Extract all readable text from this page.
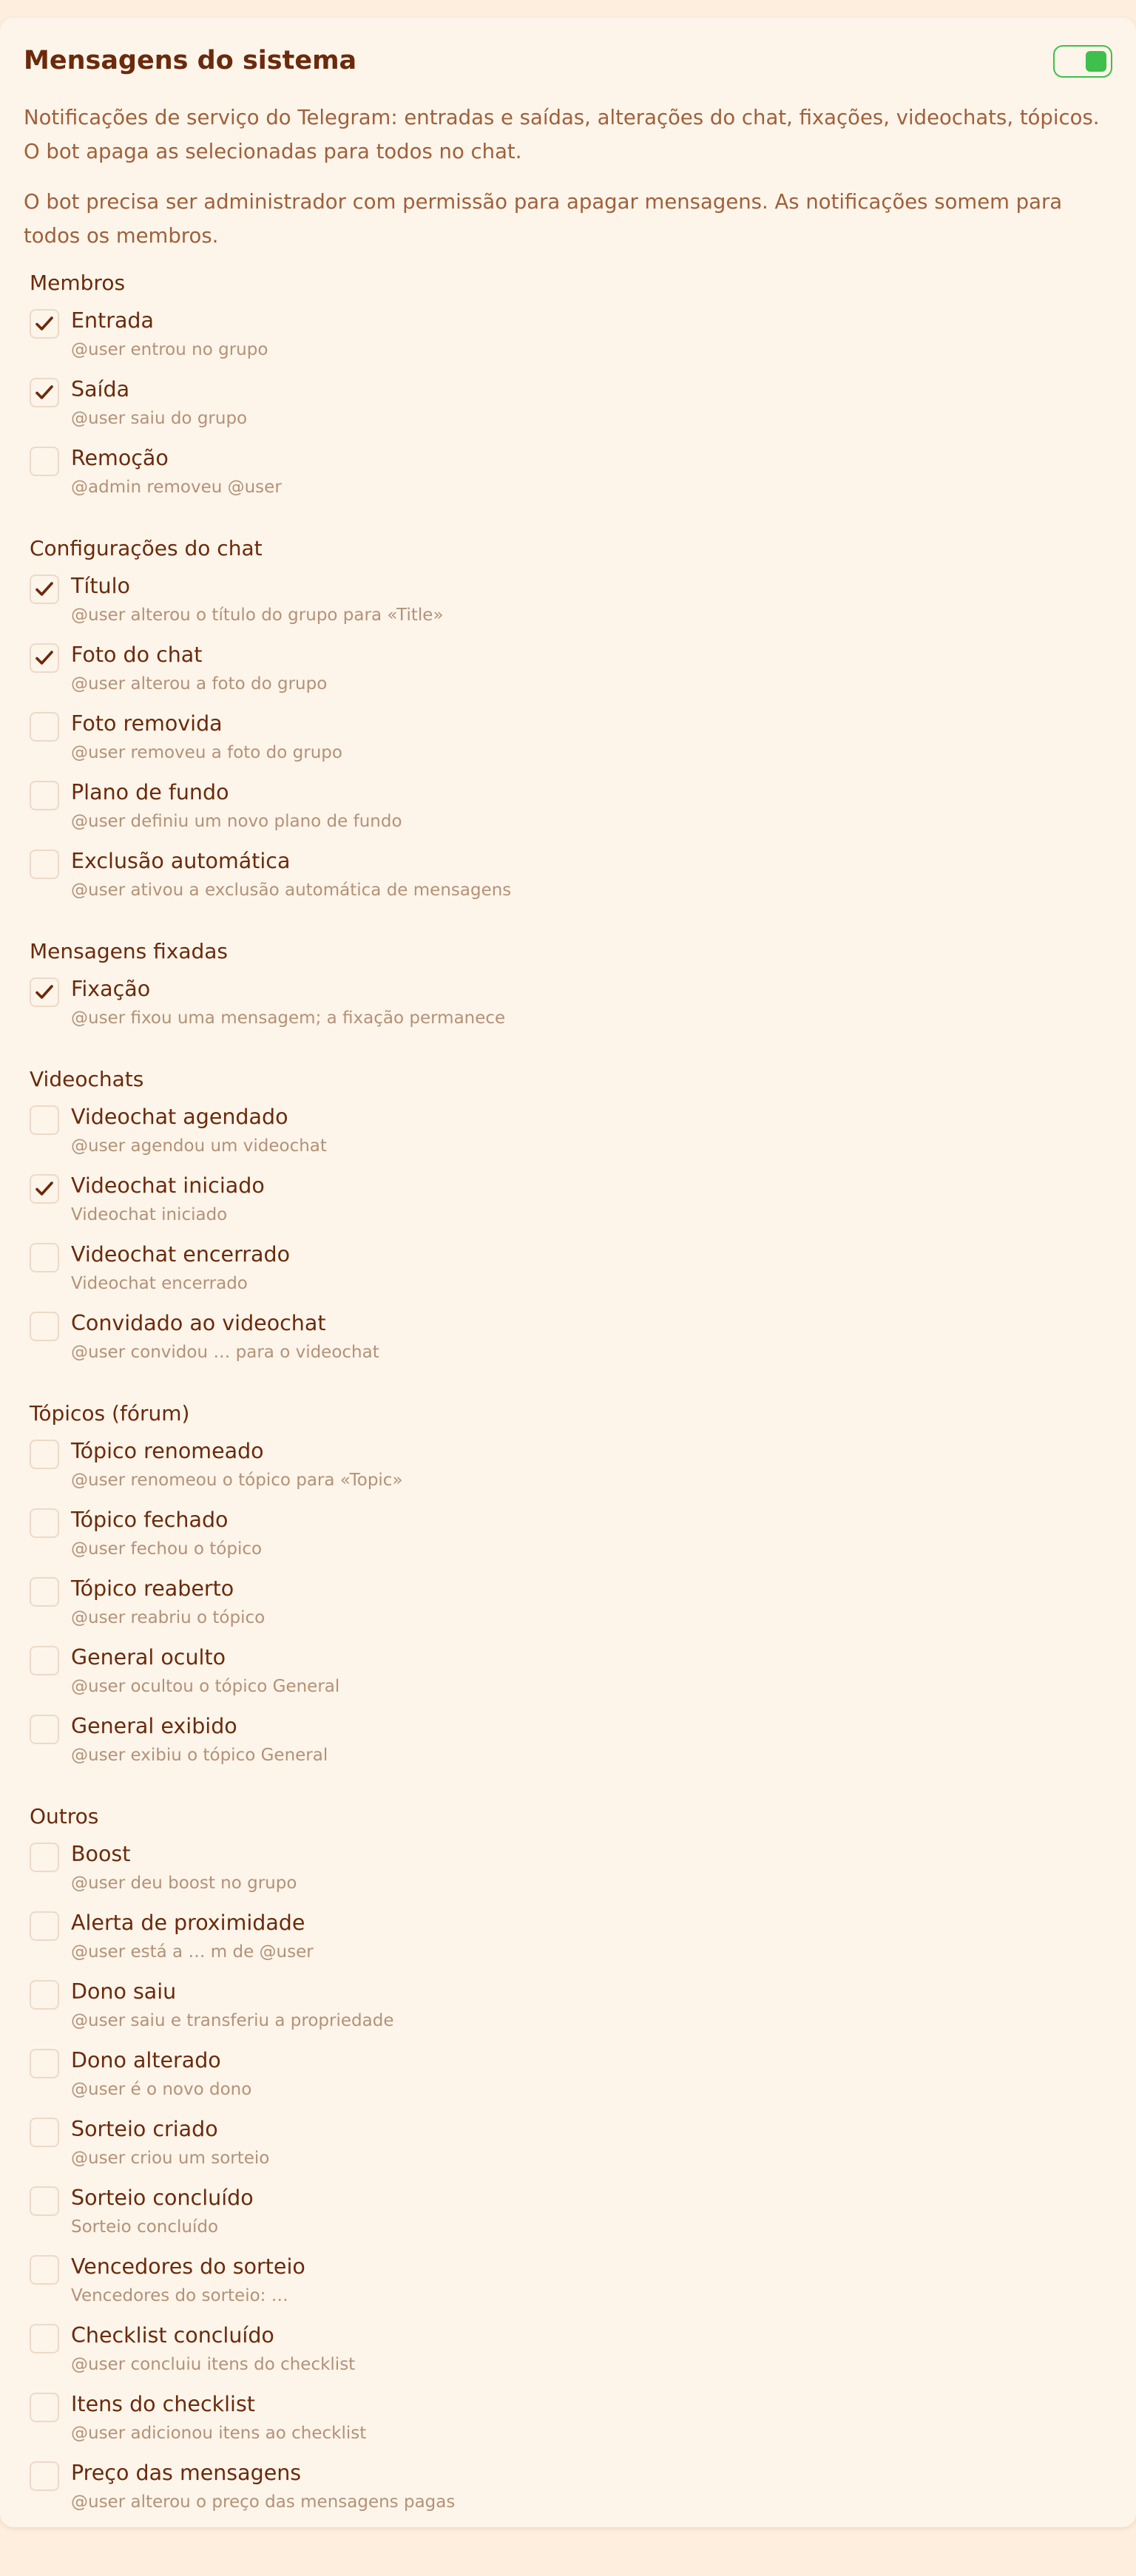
Mensagens do sistema

Notificações de serviço do Telegram: entradas e saídas, alterações do chat, fixações, videochats, tópicos. O bot apaga as selecionadas para todos no chat.

O bot precisa ser administrador com permissão para apagar mensagens. As notificações somem para todos os membros.

Membros
Entrada
@user entrou no grupo
Saída
@user saiu do grupo
Remoção
@admin removeu @user
Configurações do chat
Título
@user alterou o título do grupo para «Title»
Foto do chat
@user alterou a foto do grupo
Foto removida
@user removeu a foto do grupo
Plano de fundo
@user definiu um novo plano de fundo
Exclusão automática
@user ativou a exclusão automática de mensagens
Mensagens fixadas
Fixação
@user fixou uma mensagem; a fixação permanece
Videochats
Videochat agendado
@user agendou um videochat
Videochat iniciado
Videochat iniciado
Videochat encerrado
Videochat encerrado
Convidado ao videochat
@user convidou … para o videochat
Tópicos (fórum)
Tópico renomeado
@user renomeou o tópico para «Topic»
Tópico fechado
@user fechou o tópico
Tópico reaberto
@user reabriu o tópico
General oculto
@user ocultou o tópico General
General exibido
@user exibiu o tópico General
Outros
Boost
@user deu boost no grupo
Alerta de proximidade
@user está a … m de @user
Dono saiu
@user saiu e transferiu a propriedade
Dono alterado
@user é o novo dono
Sorteio criado
@user criou um sorteio
Sorteio concluído
Sorteio concluído
Vencedores do sorteio
Vencedores do sorteio: …
Checklist concluído
@user concluiu itens do checklist
Itens do checklist
@user adicionou itens ao checklist
Preço das mensagens
@user alterou o preço das mensagens pagas
